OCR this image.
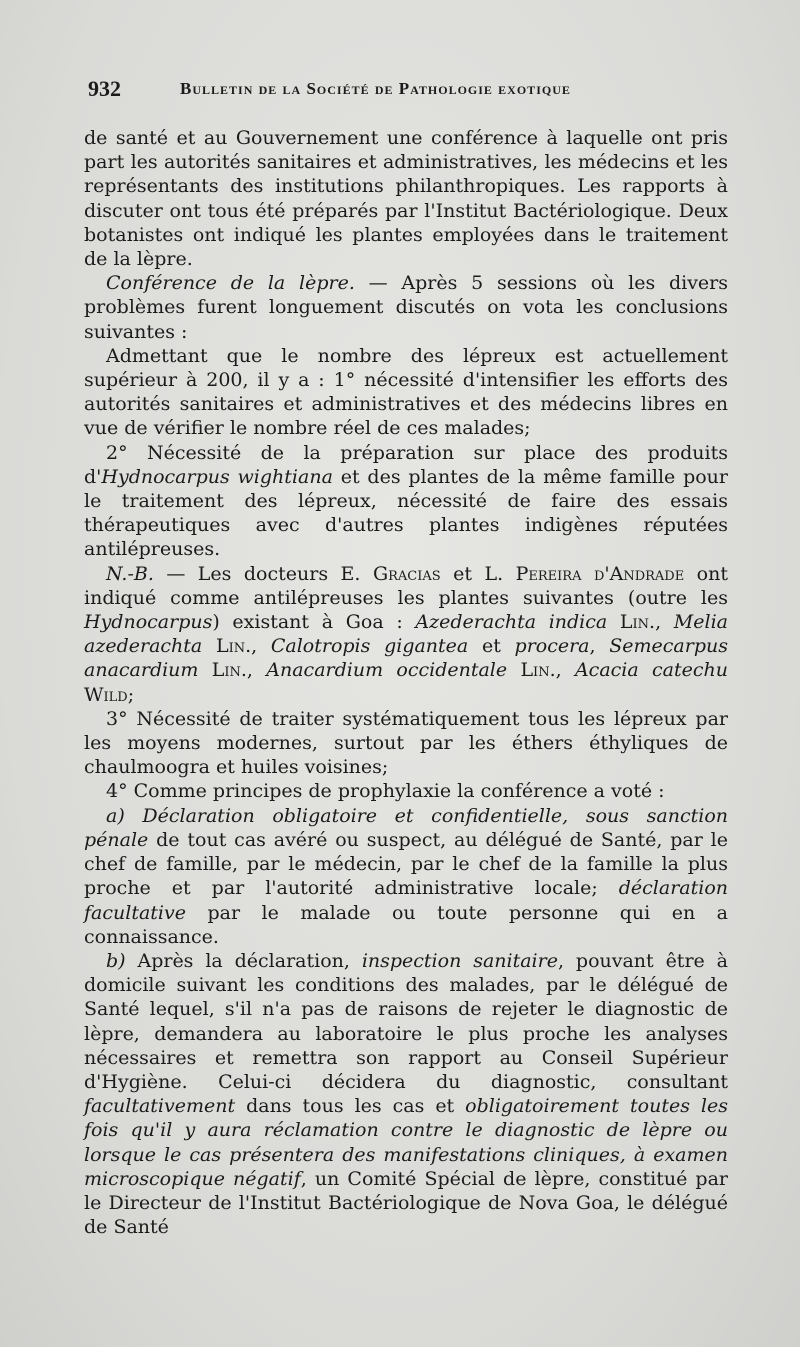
932	Bulletin de la Société de Pathologie exotique

de santé et au Gouvernement une conférence à laquelle ont pris part les autorités sanitaires et administratives, les médecins et les représentants des institutions philanthropiques. Les rapports à discuter ont tous été préparés par l'Institut Bactériologique. Deux botanistes ont indiqué les plantes employées dans le traitement de la lèpre.

Conférence de la lèpre. — Après 5 sessions où les divers problèmes furent longuement discutés on vota les conclusions suivantes :

Admettant que le nombre des lépreux est actuellement supérieur à 200, il y a : 1° nécessité d'intensifier les efforts des autorités sanitaires et administratives et des médecins libres en vue de vérifier le nombre réel de ces malades;

2° Nécessité de la préparation sur place des produits d'Hydnocarpus wightiana et des plantes de la même famille pour le traitement des lépreux, nécessité de faire des essais thérapeutiques avec d'autres plantes indigènes réputées antilépreuses.

N.-B. — Les docteurs E. Gracias et L. Pereira d'Andrade ont indiqué comme antilépreuses les plantes suivantes (outre les Hydnocarpus) existant à Goa : Azederachta indica Lin., Melia azederachta Lin., Calotropis gigantea et procera, Semecarpus anacardium Lin., Anacardium occidentale Lin., Acacia catechu Wild;

3° Nécessité de traiter systématiquement tous les lépreux par les moyens modernes, surtout par les éthers éthyliques de chaulmoogra et huiles voisines;

4° Comme principes de prophylaxie la conférence a voté :

a) Déclaration obligatoire et confidentielle, sous sanction pénale de tout cas avéré ou suspect, au délégué de Santé, par le chef de famille, par le médecin, par le chef de la famille la plus proche et par l'autorité administrative locale; déclaration facultative par le malade ou toute personne qui en a connaissance.

b) Après la déclaration, inspection sanitaire, pouvant être à domicile suivant les conditions des malades, par le délégué de Santé lequel, s'il n'a pas de raisons de rejeter le diagnostic de lèpre, demandera au laboratoire le plus proche les analyses nécessaires et remettra son rapport au Conseil Supérieur d'Hygiène. Celui-ci décidera du diagnostic, consultant facultativement dans tous les cas et obligatoirement toutes les fois qu'il y aura réclamation contre le diagnostic de lèpre ou lorsque le cas présentera des manifestations cliniques, à examen microscopique négatif, un Comité Spécial de lèpre, constitué par le Directeur de l'Institut Bactériologique de Nova Goa, le délégué de Santé
